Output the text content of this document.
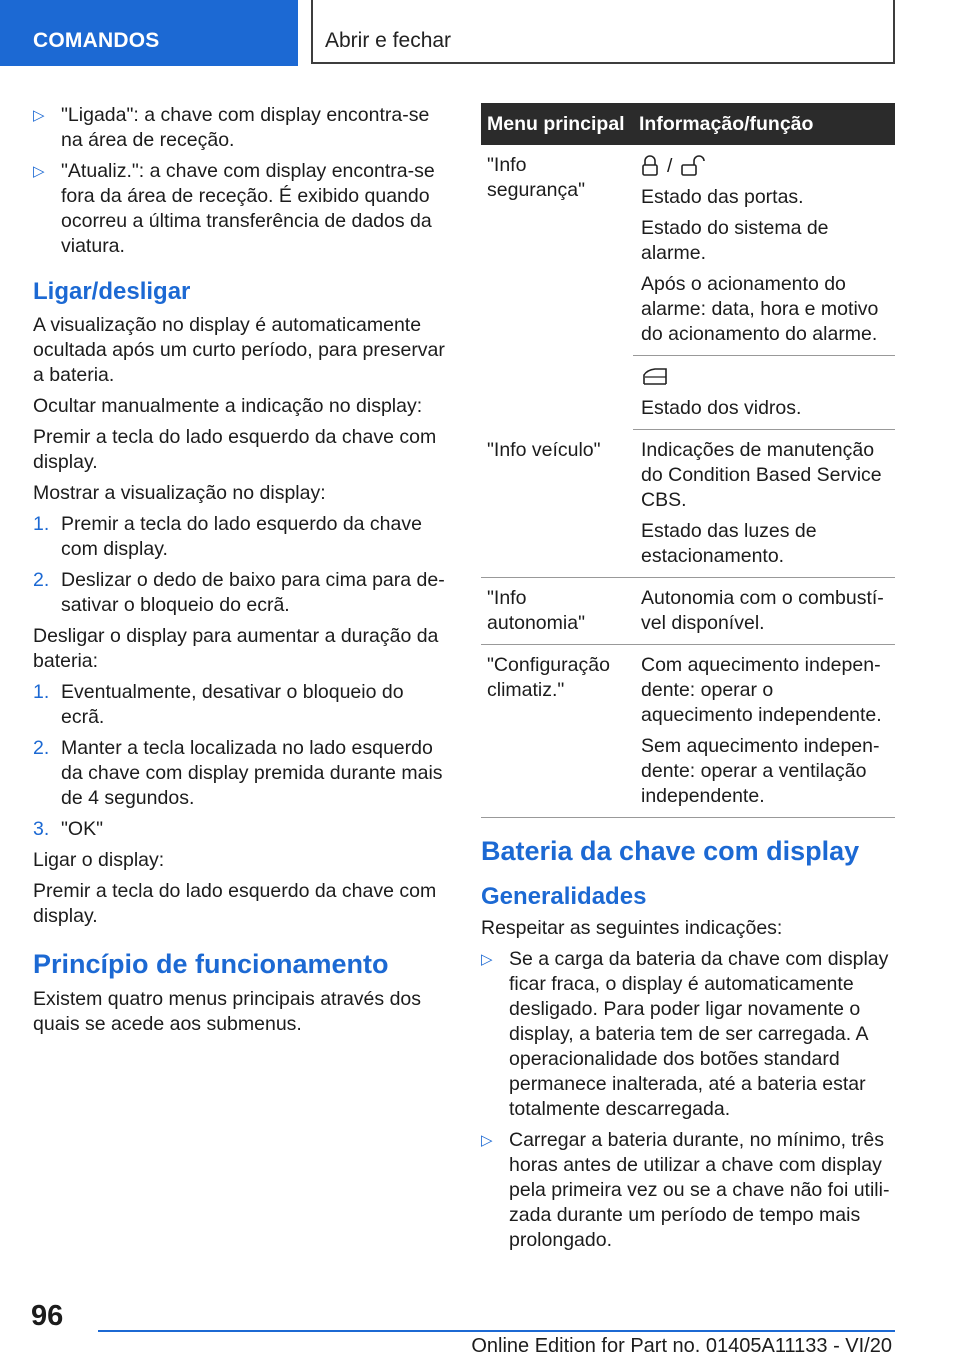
COMANDOS	Abrir e fechar
▷ "Ligada": a chave com display encontra-se na área de receção.
▷ "Atualiz.": a chave com display encontra-se fora da área de receção. É exibido quando ocorreu a última transferência de dados da viatura.
Ligar/desligar

A visualização no display é automaticamente ocultada após um curto período, para preservar a bateria.

Ocultar manualmente a indicação no display:

Premir a tecla do lado esquerdo da chave com display.

Mostrar a visualização no display:

1. Premir a tecla do lado esquerdo da chave com display.
2. Deslizar o dedo de baixo para cima para desativar o bloqueio do ecrã.

Desligar o display para aumentar a duração da bateria:

1. Eventualmente, desativar o bloqueio do ecrã.
2. Manter a tecla localizada no lado esquerdo da chave com display premida durante mais de 4 segundos.
3. "OK"

Ligar o display:

Premir a tecla do lado esquerdo da chave com display.

Princípio de funcionamento

Existem quatro menus principais através dos quais se acede aos submenus.

Menu principal	Informação/função
"Info segurança"	/

Estado das portas.

Estado do sistema de alarme.

Após o acionamento do alarme: data, hora e motivo do acionamento do alarme.

	Estado dos vidros.

"Info veículo"	Indicações de manutenção do Condition Based Service CBS.

Estado das luzes de estacionamento.

"Info autonomia"	Autonomia com o combustível disponível.

"Configuração climatiz."	Com aquecimento independente: operar o aquecimento independente.

Sem aquecimento independente: operar a ventilação independente.

Bateria da chave com display
Generalidades

Respeitar as seguintes indicações:

▷ Se a carga da bateria da chave com display ficar fraca, o display é automaticamente desligado. Para poder ligar novamente o display, a bateria tem de ser carregada. A operacionalidade dos botões standard permanece inalterada, até a bateria estar totalmente descarregada.
▷ Carregar a bateria durante, no mínimo, três horas antes de utilizar a chave com display pela primeira vez ou se a chave não foi utilizada durante um período de tempo mais prolongado.
96
Online Edition for Part no. 01405A11133 - VI/20
